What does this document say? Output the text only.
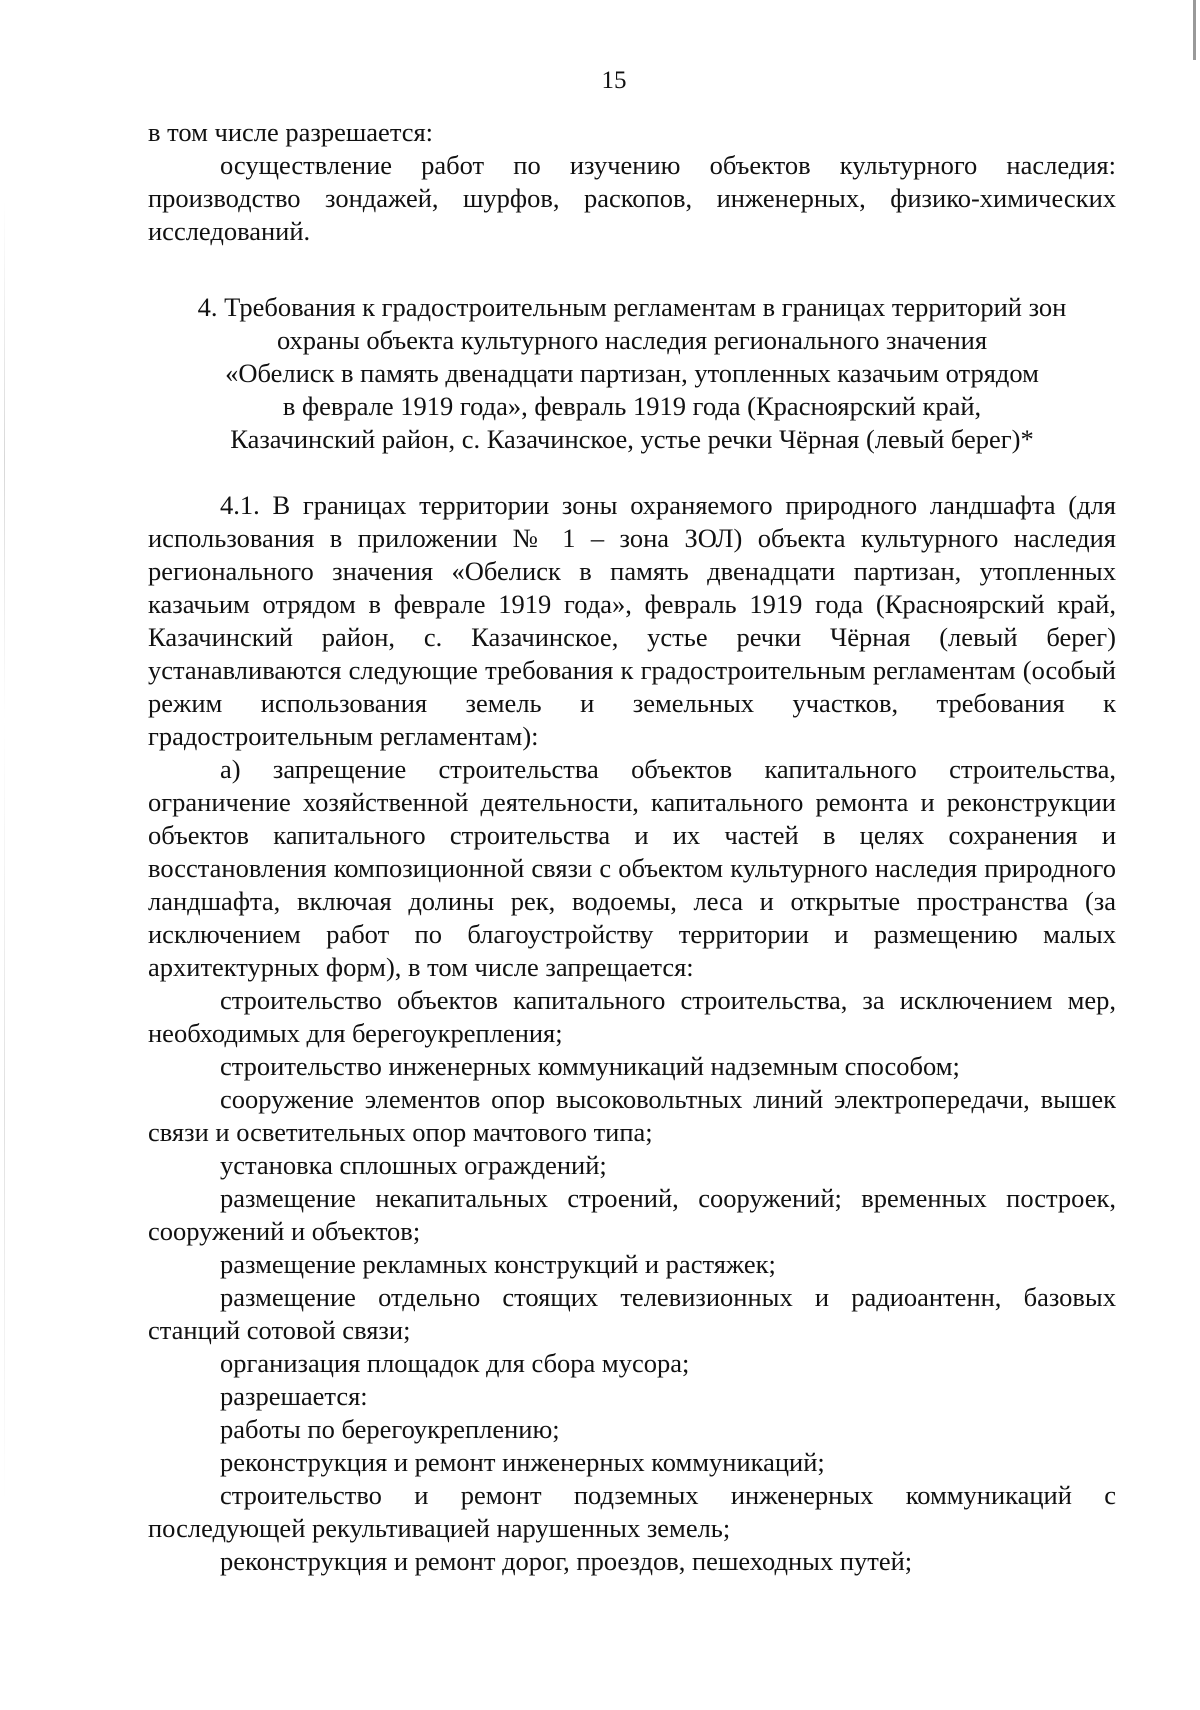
15

в том числе разрешается:

осуществление работ по изучению объектов культурного наследия: производство зондажей, шурфов, раскопов, инженерных, физико-химических исследований.

4. Требования к градостроительным регламентам в границах территорий зон
охраны объекта культурного наследия регионального значения
«Обелиск в память двенадцати партизан, утопленных казачьим отрядом
в феврале 1919 года», февраль 1919 года (Красноярский край,
Казачинский район, с. Казачинское, устье речки Чёрная (левый берег)*

4.1. В границах территории зоны охраняемого природного ландшафта (для использования в приложении № 1 – зона ЗОЛ) объекта культурного наследия регионального значения «Обелиск в память двенадцати партизан, утопленных казачьим отрядом в феврале 1919 года», февраль 1919 года (Красноярский край, Казачинский район, с. Казачинское, устье речки Чёрная (левый берег) устанавливаются следующие требования к градостроительным регламентам (особый режим использования земель и земельных участков, требования к градостроительным регламентам):

а) запрещение строительства объектов капитального строительства, ограничение хозяйственной деятельности, капитального ремонта и реконструкции объектов капитального строительства и их частей в целях сохранения и восстановления композиционной связи с объектом культурного наследия природного ландшафта, включая долины рек, водоемы, леса и открытые пространства (за исключением работ по благоустройству территории и размещению малых архитектурных форм), в том числе запрещается:

строительство объектов капитального строительства, за исключением мер, необходимых для берегоукрепления;

строительство инженерных коммуникаций надземным способом;

сооружение элементов опор высоковольтных линий электропередачи, вышек связи и осветительных опор мачтового типа;

установка сплошных ограждений;

размещение некапитальных строений, сооружений; временных построек, сооружений и объектов;

размещение рекламных конструкций и растяжек;

размещение отдельно стоящих телевизионных и радиоантенн, базовых станций сотовой связи;

организация площадок для сбора мусора;

разрешается:

работы по берегоукреплению;

реконструкция и ремонт инженерных коммуникаций;

строительство и ремонт подземных инженерных коммуникаций с последующей рекультивацией нарушенных земель;

реконструкция и ремонт дорог, проездов, пешеходных путей;
